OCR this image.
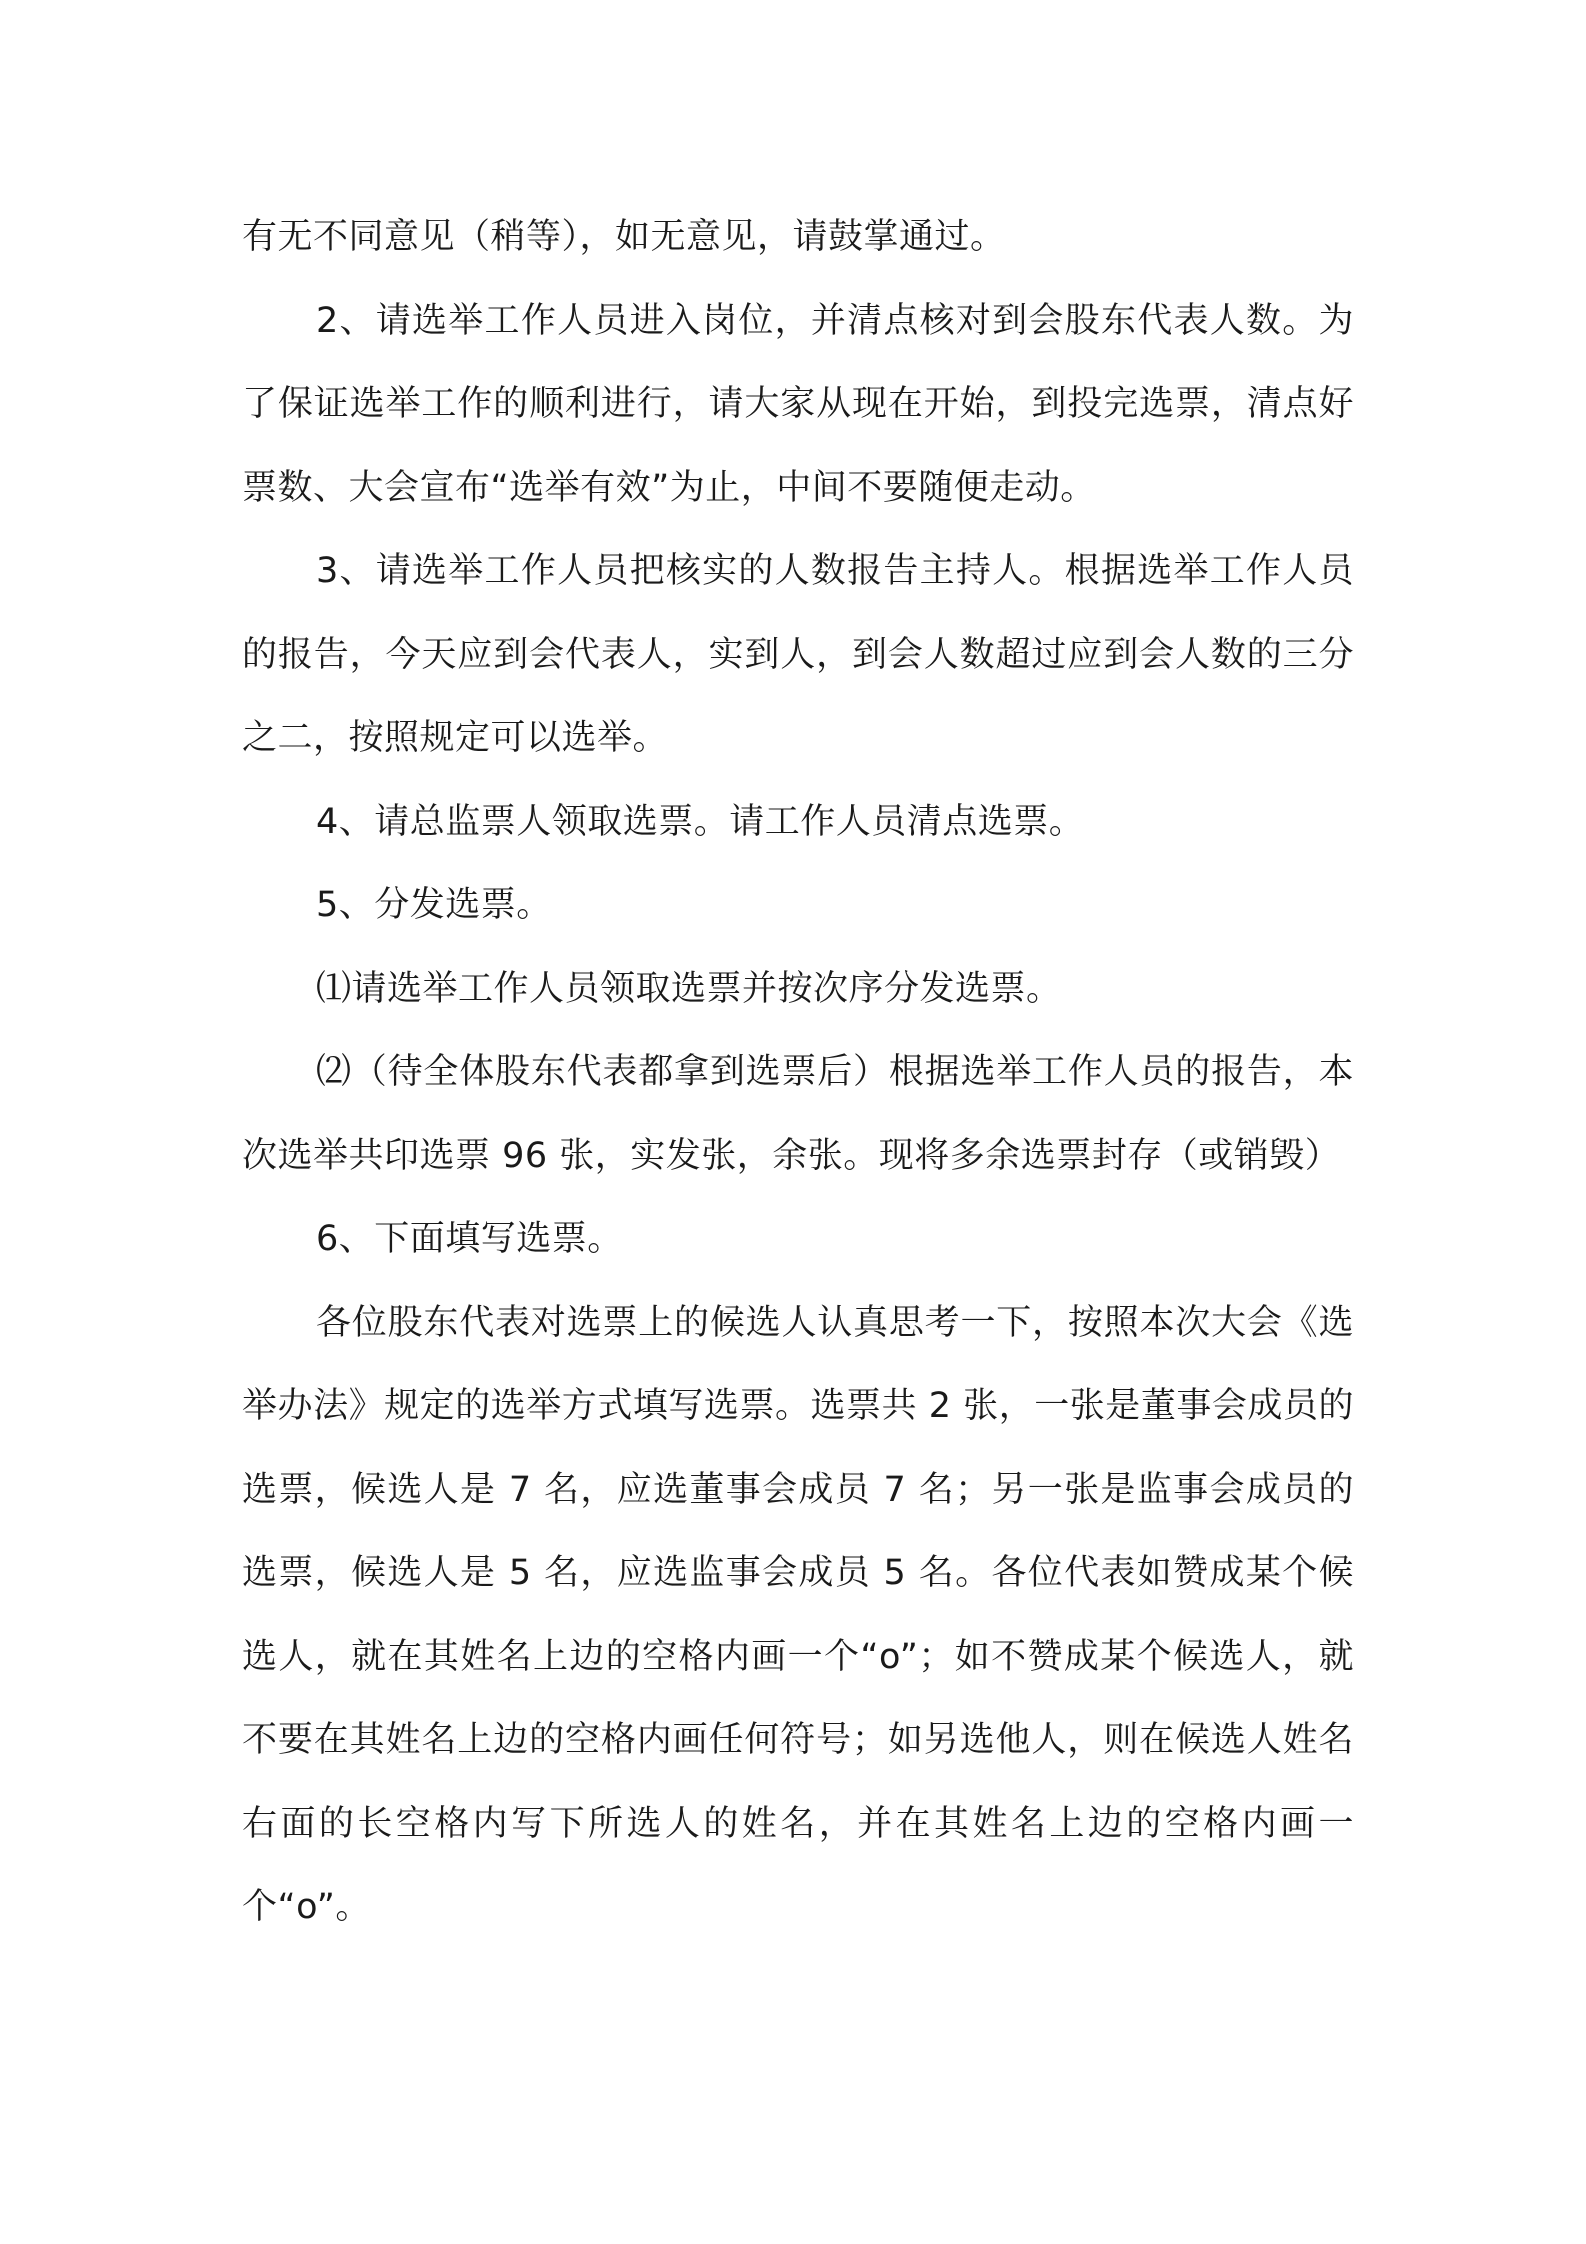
有无不同意见（稍等），如无意见，请鼓掌通过。

2、请选举工作人员进入岗位，并清点核对到会股东代表人数。为了保证选举工作的顺利进行，请大家从现在开始，到投完选票，清点好票数、大会宣布“选举有效”为止，中间不要随便走动。

3、请选举工作人员把核实的人数报告主持人。根据选举工作人员的报告，今天应到会代表人，实到人，到会人数超过应到会人数的三分之二，按照规定可以选举。

4、请总监票人领取选票。请工作人员清点选票。

5、分发选票。

⑴请选举工作人员领取选票并按次序分发选票。

⑵（待全体股东代表都拿到选票后）根据选举工作人员的报告，本次选举共印选票 96 张，实发张，余张。现将多余选票封存（或销毁）

6、下面填写选票。

各位股东代表对选票上的候选人认真思考一下，按照本次大会《选举办法》规定的选举方式填写选票。选票共 2 张，一张是董事会成员的选票，候选人是 7 名，应选董事会成员 7 名；另一张是监事会成员的选票，候选人是 5 名，应选监事会成员 5 名。各位代表如赞成某个候选人，就在其姓名上边的空格内画一个“o”；如不赞成某个候选人，就不要在其姓名上边的空格内画任何符号；如另选他人，则在候选人姓名右面的长空格内写下所选人的姓名，并在其姓名上边的空格内画一个“o”。
